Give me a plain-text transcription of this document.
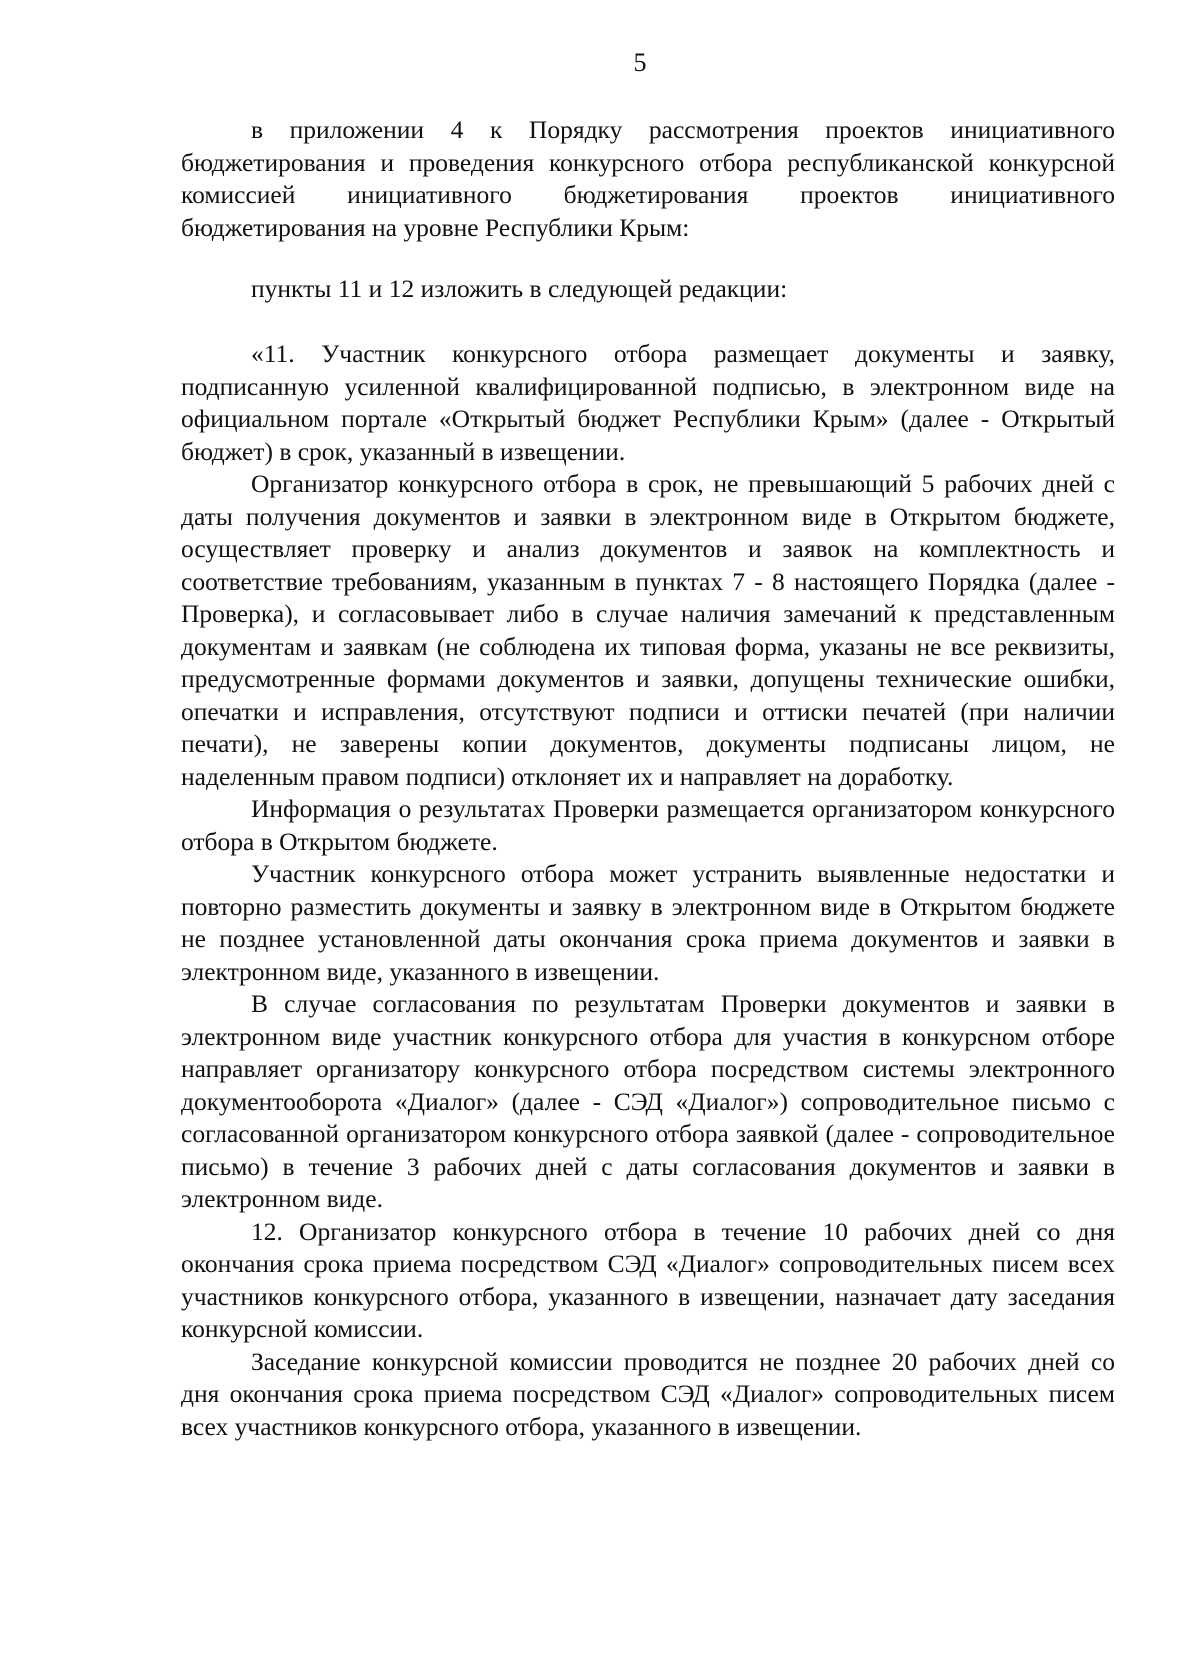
5

в приложении 4 к Порядку рассмотрения проектов инициативного бюджетирования и проведения конкурсного отбора республиканской конкурсной комиссией инициативного бюджетирования проектов инициативного бюджетирования на уровне Республики Крым:

пункты 11 и 12 изложить в следующей редакции:

«11. Участник конкурсного отбора размещает документы и заявку, подписанную усиленной квалифицированной подписью, в электронном виде на официальном портале «Открытый бюджет Республики Крым» (далее - Открытый бюджет) в срок, указанный в извещении.

Организатор конкурсного отбора в срок, не превышающий 5 рабочих дней с даты получения документов и заявки в электронном виде в Открытом бюджете, осуществляет проверку и анализ документов и заявок на комплектность и соответствие требованиям, указанным в пунктах 7 - 8 настоящего Порядка (далее - Проверка), и согласовывает либо в случае наличия замечаний к представленным документам и заявкам (не соблюдена их типовая форма, указаны не все реквизиты, предусмотренные формами документов и заявки, допущены технические ошибки, опечатки и исправления, отсутствуют подписи и оттиски печатей (при наличии печати), не заверены копии документов, документы подписаны лицом, не наделенным правом подписи) отклоняет их и направляет на доработку.

Информация о результатах Проверки размещается организатором конкурсного отбора в Открытом бюджете.

Участник конкурсного отбора может устранить выявленные недостатки и повторно разместить документы и заявку в электронном виде в Открытом бюджете не позднее установленной даты окончания срока приема документов и заявки в электронном виде, указанного в извещении.

В случае согласования по результатам Проверки документов и заявки в электронном виде участник конкурсного отбора для участия в конкурсном отборе направляет организатору конкурсного отбора посредством системы электронного документооборота «Диалог» (далее - СЭД «Диалог») сопроводительное письмо с согласованной организатором конкурсного отбора заявкой (далее - сопроводительное письмо) в течение 3 рабочих дней с даты согласования документов и заявки в электронном виде.

12. Организатор конкурсного отбора в течение 10 рабочих дней со дня окончания срока приема посредством СЭД «Диалог» сопроводительных писем всех участников конкурсного отбора, указанного в извещении, назначает дату заседания конкурсной комиссии.

Заседание конкурсной комиссии проводится не позднее 20 рабочих дней со дня окончания срока приема посредством СЭД «Диалог» сопроводительных писем всех участников конкурсного отбора, указанного в извещении.
